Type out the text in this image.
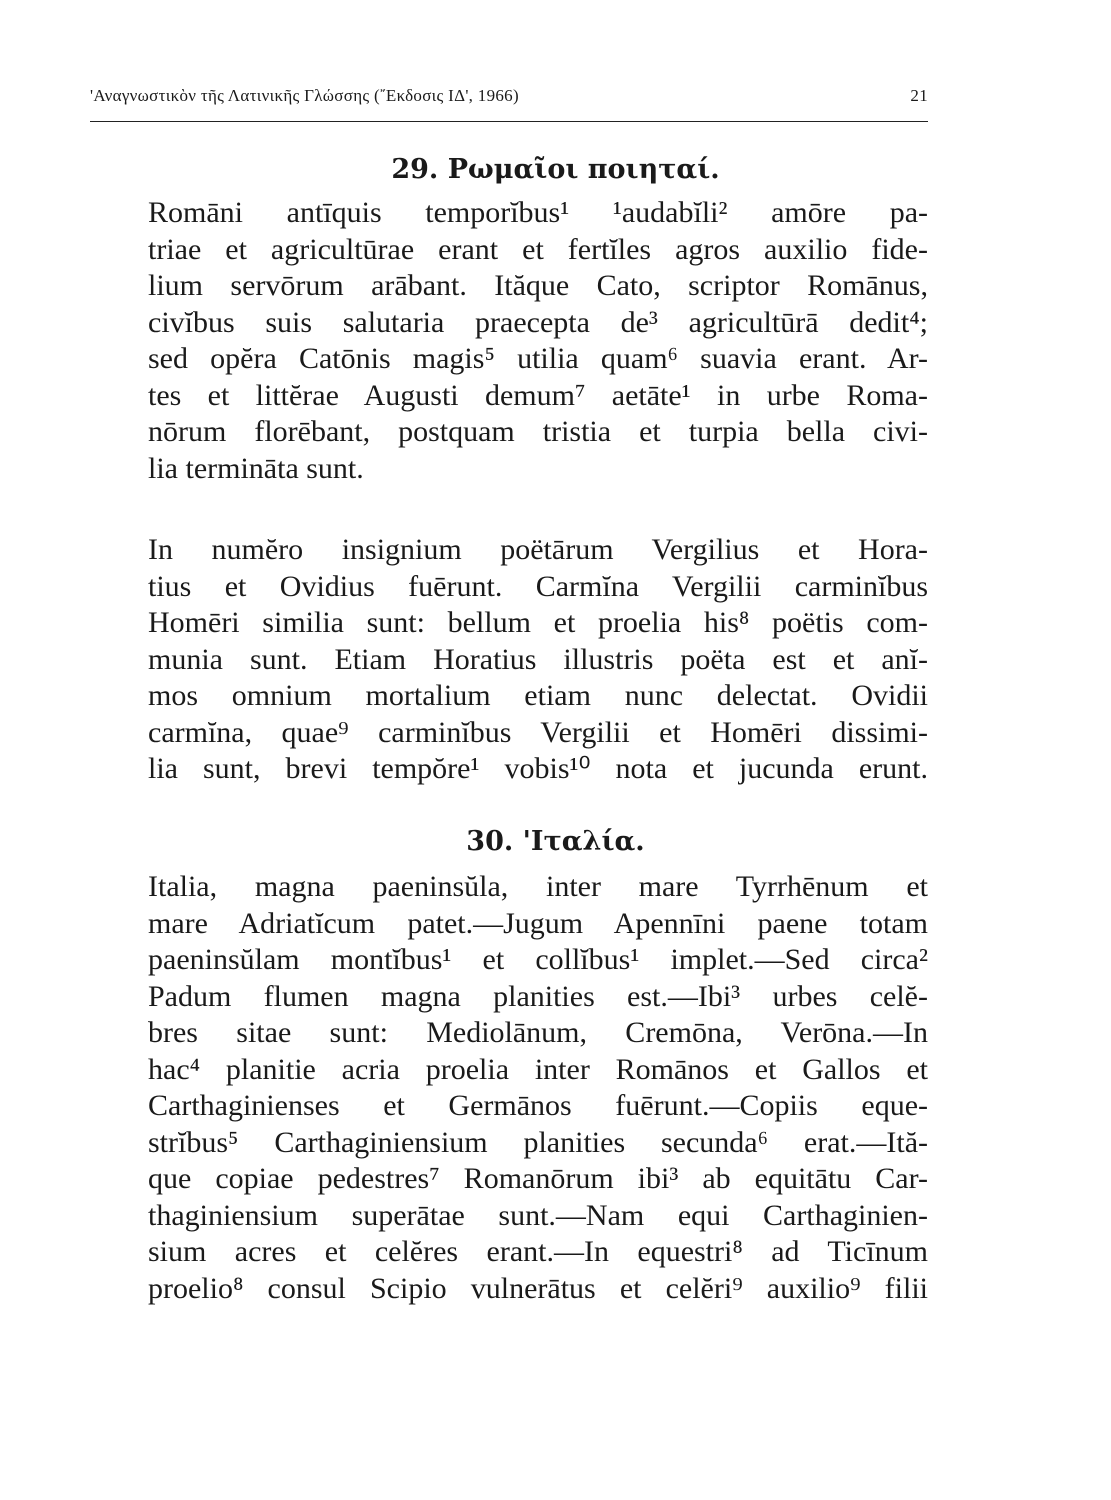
'Αναγνωστικὸν τῆς Λατινικῆς Γλώσσης (῎Εκδοσις ΙΔ', 1966)	21
29. Ρωμαῖοι ποιηταί.
Romāni antīquis temporĭbus¹ ¹audabĭli² amōre pa-
triae et agricultūrae erant et fertĭles agros auxilio fide-
lium servōrum arābant. Ităque Cato, scriptor Romānus,
civĭbus suis salutaria praecepta de³ agricultūrā dedit⁴;
sed opĕra Catōnis magis⁵ utilia quam⁶ suavia erant. Ar-
tes et littĕrae Augusti demum⁷ aetāte¹ in urbe Roma-
nōrum florēbant, postquam tristia et turpia bella civi-
lia termināta sunt.
In numĕro insignium poëtārum Vergilius et Hora-
tius et Ovidius fuērunt. Carmĭna Vergilii carminĭbus
Homēri similia sunt: bellum et proelia his⁸ poëtis com-
munia sunt. Etiam Horatius illustris poëta est et anĭ-
mos omnium mortalium etiam nunc delectat. Ovidii
carmĭna, quae⁹ carminĭbus Vergilii et Homēri dissimi-
lia sunt, brevi tempŏre¹ vobis¹⁰ nota et jucunda erunt.
30. 'Ιταλία.
Italia, magna paeninsŭla, inter mare Tyrrhēnum et
mare Adriatĭcum patet.—Jugum Apennīni paene totam
paeninsŭlam montĭbus¹ et collĭbus¹ implet.—Sed circa²
Padum flumen magna planities est.—Ibi³ urbes celĕ-
bres sitae sunt: Mediolānum, Cremōna, Verōna.—In
hac⁴ planitie acria proelia inter Romānos et Gallos et
Carthaginienses et Germānos fuērunt.—Copiis eque-
strĭbus⁵ Carthaginiensium planities secunda⁶ erat.—Ită-
que copiae pedestres⁷ Romanōrum ibi³ ab equitātu Car-
thaginiensium superātae sunt.—Nam equi Carthaginien-
sium acres et celĕres erant.—In equestri⁸ ad Ticīnum
proelio⁸ consul Scipio vulnerātus et celĕri⁹ auxilio⁹ filii
